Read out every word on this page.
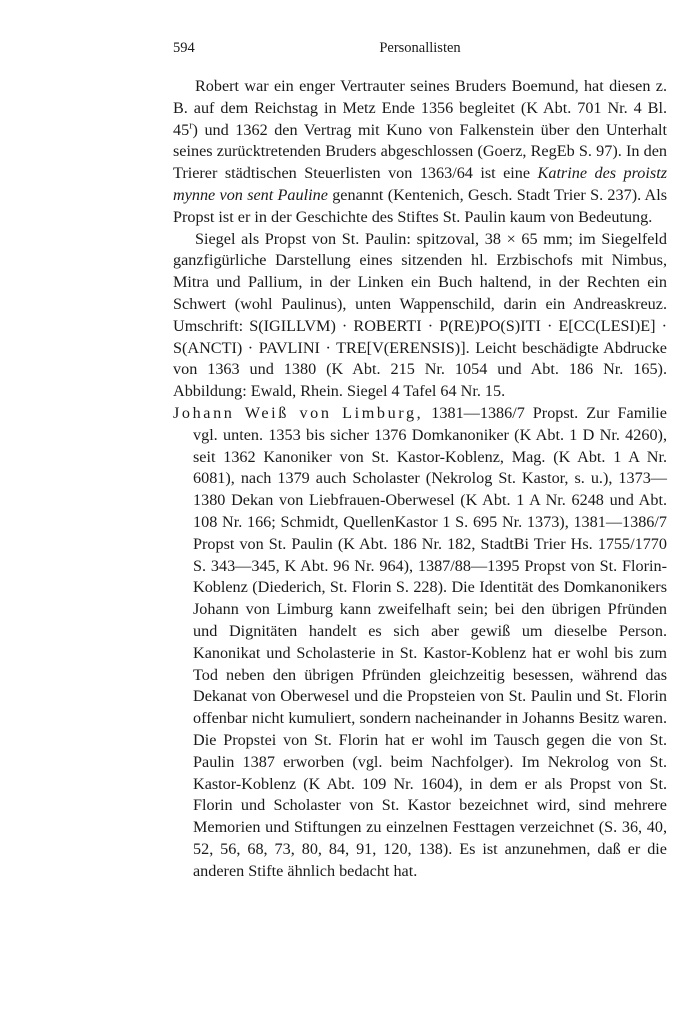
594	Personallisten

Robert war ein enger Vertrauter seines Bruders Boemund, hat diesen z. B. auf dem Reichstag in Metz Ende 1356 begleitet (K Abt. 701 Nr. 4 Bl. 45$^r$) und 1362 den Vertrag mit Kuno von Falkenstein über den Unterhalt seines zurücktretenden Bruders abgeschlossen (Goerz, RegEb S. 97). In den Trierer städtischen Steuerlisten von 1363/64 ist eine Katrine des proistz mynne von sent Pauline genannt (Kentenich, Gesch. Stadt Trier S. 237). Als Propst ist er in der Geschichte des Stiftes St. Paulin kaum von Bedeutung.

Siegel als Propst von St. Paulin: spitzoval, 38 × 65 mm; im Siegelfeld ganzfigürliche Darstellung eines sitzenden hl. Erzbischofs mit Nimbus, Mitra und Pallium, in der Linken ein Buch haltend, in der Rechten ein Schwert (wohl Paulinus), unten Wappenschild, darin ein Andreaskreuz. Umschrift: S(IGILLVM) · ROBERTI · P(RE)PO(S)ITI · E[CC(LESI)E] · S(ANCTI) · PAVLINI · TRE[V(ERENSIS)]. Leicht beschädigte Abdrucke von 1363 und 1380 (K Abt. 215 Nr. 1054 und Abt. 186 Nr. 165). Abbildung: Ewald, Rhein. Siegel 4 Tafel 64 Nr. 15.

Johann Weiß von Limburg, 1381—1386/7 Propst. Zur Familie vgl. unten. 1353 bis sicher 1376 Domkanoniker (K Abt. 1 D Nr. 4260), seit 1362 Kanoniker von St. Kastor-Koblenz, Mag. (K Abt. 1 A Nr. 6081), nach 1379 auch Scholaster (Nekrolog St. Kastor, s. u.), 1373—1380 Dekan von Liebfrauen-Oberwesel (K Abt. 1 A Nr. 6248 und Abt. 108 Nr. 166; Schmidt, QuellenKastor 1 S. 695 Nr. 1373), 1381—1386/7 Propst von St. Paulin (K Abt. 186 Nr. 182, StadtBi Trier Hs. 1755/1770 S. 343—345, K Abt. 96 Nr. 964), 1387/88—1395 Propst von St. Florin-Koblenz (Diederich, St. Florin S. 228). Die Identität des Domkanonikers Johann von Limburg kann zweifelhaft sein; bei den übrigen Pfründen und Dignitäten handelt es sich aber gewiß um dieselbe Person. Kanonikat und Scholasterie in St. Kastor-Koblenz hat er wohl bis zum Tod neben den übrigen Pfründen gleichzeitig besessen, während das Dekanat von Oberwesel und die Propsteien von St. Paulin und St. Florin offenbar nicht kumuliert, sondern nacheinander in Johanns Besitz waren. Die Propstei von St. Florin hat er wohl im Tausch gegen die von St. Paulin 1387 erworben (vgl. beim Nachfolger). Im Nekrolog von St. Kastor-Koblenz (K Abt. 109 Nr. 1604), in dem er als Propst von St. Florin und Scholaster von St. Kastor bezeichnet wird, sind mehrere Memorien und Stiftungen zu einzelnen Festtagen verzeichnet (S. 36, 40, 52, 56, 68, 73, 80, 84, 91, 120, 138). Es ist anzunehmen, daß er die anderen Stifte ähnlich bedacht hat.
